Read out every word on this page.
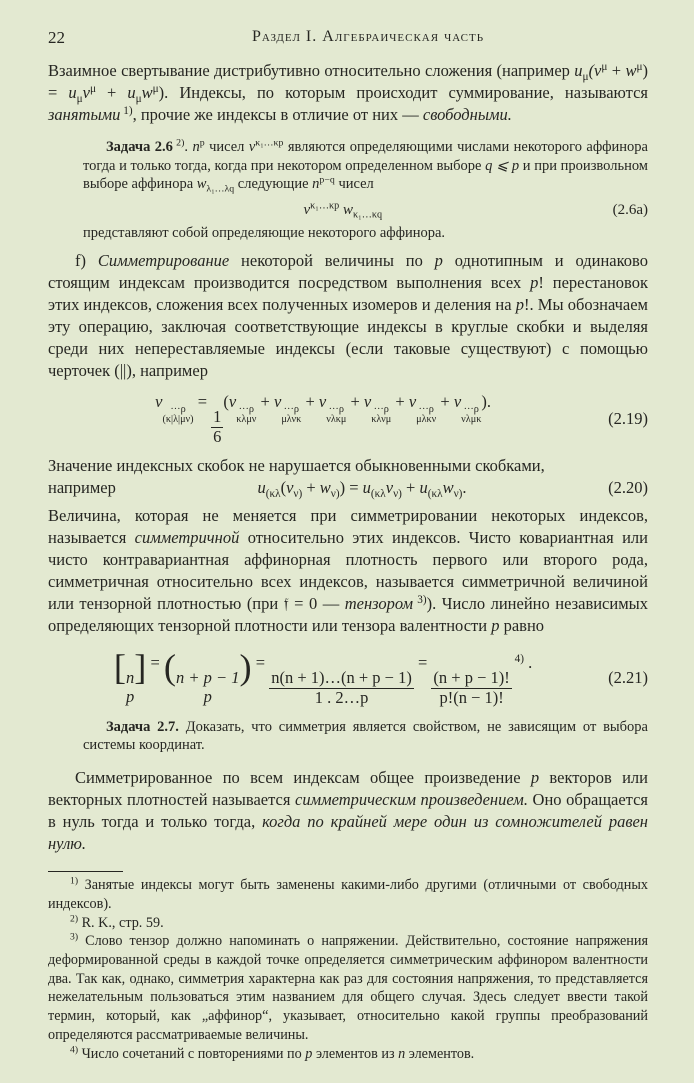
22	Раздел I. Алгебраическая часть
Взаимное свертывание дистрибутивно относительно сложения (например $u_\mu(v^\mu + w^\mu) = u_\mu v^\mu + u_\mu w^\mu$). Индексы, по которым происходит суммирование, называются занятыми $^{1)}$, прочие же индексы в отличие от них — свободными.
Задача 2.6 $^{2)}$. $n^p$ чисел $v^{\kappa_1\dots\kappa p}$ являются определяющими числами некоторого аффинора тогда и только тогда, когда при некотором определенном выборе q ⩽ p и при произвольном выборе аффинора $w_{\lambda_1\dots\lambda q}$ следующие $n^{p-q}$ чисел
$v^{\kappa_1\dots\kappa p}$ $w_{\kappa_1\dots\kappa q}$	(2.6a)
представляют собой определяющие некоторого аффинора.
f) Симметрирование некоторой величины по p однотипным и одинаково стоящим индексам производится посредством выполнения всех p! перестановок этих индексов, сложения всех полученных изомеров и деления на p!. Мы обозначаем эту операцию, заключая соответствующие индексы в круглые скобки и выделяя среди них непереставляемые индексы (если таковые существуют) с помощью черточек (||), например
v ···ρ
(κ|λ|μν)
=
$\frac{1}{6}$
(v ···ρ
κλμν
+ v ···ρ
μλνκ
+ v ···ρ
νλκμ
+ v ···ρ
κλνμ
+ v ···ρ
μλκν
+ v ···ρ
νλμκ
).
(2.19)
Значение индексных скобок не нарушается обыкновенными скобками,
например	$u_{(\kappa\lambda}(v_{\nu)} + w_{\nu)}) = u_{(\kappa\lambda}v_{\nu)} + u_{(\kappa\lambda}w_{\nu)}$.	(2.20)
Величина, которая не меняется при симметрировании некоторых индексов, называется симметричной относительно этих индексов. Чисто ковариантная или чисто контравариантная аффинорная плотность первого или второго рода, симметричная относительно всех индексов, называется симметричной величиной или тензорной плотностью (при 𝔣 = 0 — тензором $^{3)}$). Число линейно независимых определяющих тензорной плотности или тензора валентности p равно
[ n
p
] = ( n + p − 1
p
) =
$\frac{n(n + 1)\dots(n + p - 1)}{1 . 2\dots p}$
=
$\frac{(n + p - 1)!}{p!(n - 1)!}$
$^{4)}$ .
(2.21)
Задача 2.7. Доказать, что симметрия является свойством, не зависящим от выбора системы координат.
Симметрированное по всем индексам общее произведение p векторов или векторных плотностей называется симметрическим произведением. Оно обращается в нуль тогда и только тогда, когда по крайней мере один из сомножителей равен нулю.

$^{1)}$ Занятые индексы могут быть заменены какими-либо другими (отличными от свободных индексов).

$^{2)}$ R. K., стр. 59.

$^{3)}$ Слово тензор должно напоминать о напряжении. Действительно, состояние напряжения деформированной среды в каждой точке определяется симметрическим аффинором валентности два. Так как, однако, симметрия характерна как раз для состояния напряжения, то представляется нежелательным пользоваться этим названием для общего случая. Здесь следует ввести такой термин, который, как „аффинор“, указывает, относительно какой группы преобразований определяются рассматриваемые величины.

$^{4)}$ Число сочетаний с повторениями по p элементов из n элементов.
